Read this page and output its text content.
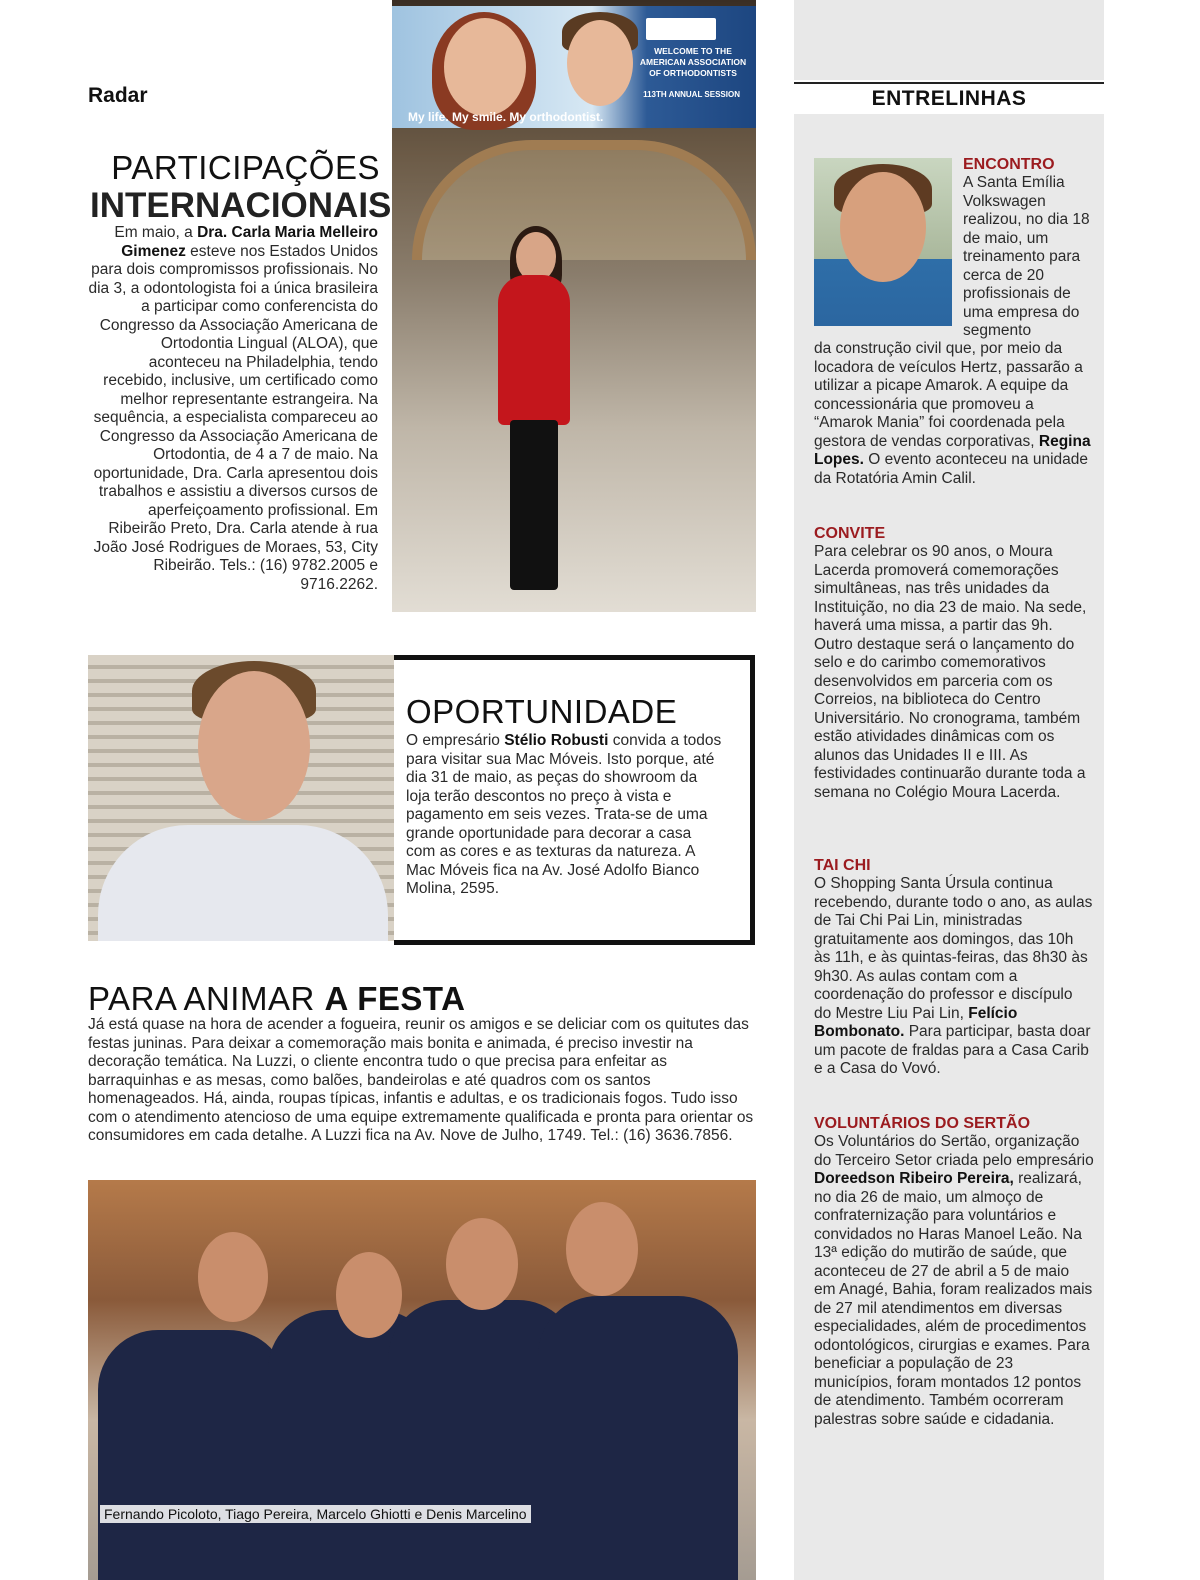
Radar
WELCOME TO THE AMERICAN ASSOCIATION OF ORTHODONTISTS
113TH ANNUAL SESSION
My life. My smile. My orthodontist.
PARTICIPAÇÕES
INTERNACIONAIS
Em maio, a Dra. Carla Maria Melleiro Gimenez esteve nos Estados Unidos para dois compromissos profissionais. No dia 3, a odontologista foi a única brasileira a participar como conferencista do Congresso da Associação Americana de Ortodontia Lingual (ALOA), que aconteceu na Philadelphia, tendo recebido, inclusive, um certificado como melhor representante estrangeira. Na sequência, a especialista compareceu ao Congresso da Associação Americana de Ortodontia, de 4 a 7 de maio. Na oportunidade, Dra. Carla apresentou dois trabalhos e assistiu a diversos cursos de aperfeiçoamento profissional. Em Ribeirão Preto, Dra. Carla atende à rua João José Rodrigues de Moraes, 53, City Ribeirão. Tels.: (16) 9782.2005 e 9716.2262.
OPORTUNIDADE
O empresário Stélio Robusti convida a todos para visitar sua Mac Móveis. Isto porque, até dia 31 de maio, as peças do showroom da loja terão descontos no preço à vista e pagamento em seis vezes. Trata-se de uma grande oportunidade para decorar a casa com as cores e as texturas da natureza. A Mac Móveis fica na Av. José Adolfo Bianco Molina, 2595.
PARA ANIMAR A FESTA
Já está quase na hora de acender a fogueira, reunir os amigos e se deliciar com os quitutes das festas juninas. Para deixar a comemoração mais bonita e animada, é preciso investir na decoração temática. Na Luzzi, o cliente encontra tudo o que precisa para enfeitar as barraquinhas e as mesas, como balões, bandeirolas e até quadros com os santos homenageados. Há, ainda, roupas típicas, infantis e adultas, e os tradicionais fogos. Tudo isso com o atendimento atencioso de uma equipe extremamente qualificada e pronta para orientar os consumidores em cada detalhe. A Luzzi fica na Av. Nove de Julho, 1749. Tel.: (16) 3636.7856.
Fernando Picoloto, Tiago Pereira, Marcelo Ghiotti e Denis Marcelino
ENTRELINHAS
ENCONTRO
A Santa Emília Volkswagen realizou, no dia 18 de maio, um treinamento para cerca de 20 profissionais de uma empresa do segmento
da construção civil que, por meio da locadora de veículos Hertz, passarão a utilizar a picape Amarok. A equipe da concessionária que promoveu a “Amarok Mania” foi coordenada pela gestora de vendas corporativas, Regina Lopes. O evento aconteceu na unidade da Rotatória Amin Calil.
CONVITE
Para celebrar os 90 anos, o Moura Lacerda promoverá comemorações simultâneas, nas três unidades da Instituição, no dia 23 de maio. Na sede, haverá uma missa, a partir das 9h. Outro destaque será o lançamento do selo e do carimbo comemorativos desenvolvidos em parceria com os Correios, na biblioteca do Centro Universitário. No cronograma, também estão atividades dinâmicas com os alunos das Unidades II e III. As festividades continuarão durante toda a semana no Colégio Moura Lacerda.
TAI CHI
O Shopping Santa Úrsula continua recebendo, durante todo o ano, as aulas de Tai Chi Pai Lin, ministradas gratuitamente aos domingos, das 10h às 11h, e às quintas-feiras, das 8h30 às 9h30. As aulas contam com a coordenação do professor e discípulo do Mestre Liu Pai Lin, Felício Bombonato. Para participar, basta doar um pacote de fraldas para a Casa Carib e a Casa do Vovó.
VOLUNTÁRIOS DO SERTÃO
Os Voluntários do Sertão, organização do Terceiro Setor criada pelo empresário Doreedson Ribeiro Pereira, realizará, no dia 26 de maio, um almoço de confraternização para voluntários e convidados no Haras Manoel Leão. Na 13ª edição do mutirão de saúde, que aconteceu de 27 de abril a 5 de maio em Anagé, Bahia, foram realizados mais de 27 mil atendimentos em diversas especialidades, além de procedimentos odontológicos, cirurgias e exames. Para beneficiar a população de 23 municípios, foram montados 12 pontos de atendimento. Também ocorreram palestras sobre saúde e cidadania.
